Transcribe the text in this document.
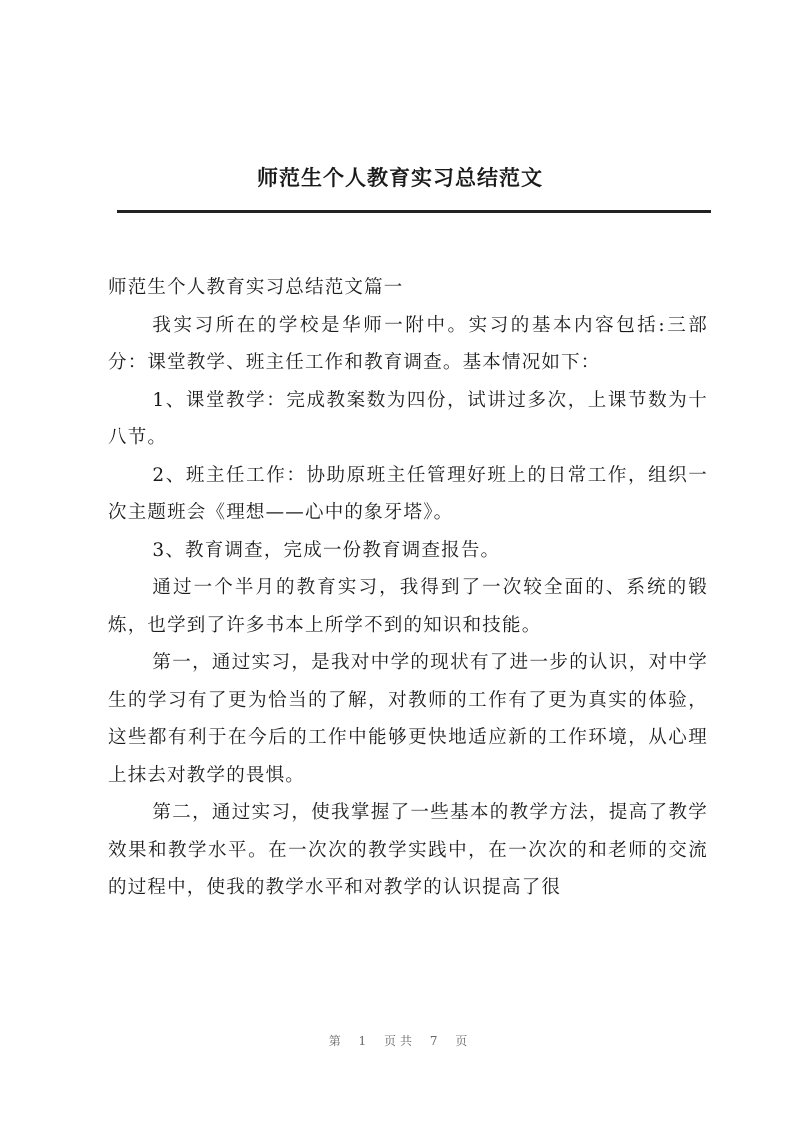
师范生个人教育实习总结范文

师范生个人教育实习总结范文篇一

我实习所在的学校是华师一附中。实习的基本内容包括:三部分：课堂教学、班主任工作和教育调查。基本情况如下：

1、课堂教学：完成教案数为四份，试讲过多次，上课节数为十八节。

2、班主任工作：协助原班主任管理好班上的日常工作，组织一次主题班会《理想——心中的象牙塔》。

3、教育调查，完成一份教育调查报告。

通过一个半月的教育实习，我得到了一次较全面的、系统的锻炼，也学到了许多书本上所学不到的知识和技能。

第一，通过实习，是我对中学的现状有了进一步的认识，对中学生的学习有了更为恰当的了解，对教师的工作有了更为真实的体验，这些都有利于在今后的工作中能够更快地适应新的工作环境，从心理上抹去对教学的畏惧。

第二，通过实习，使我掌握了一些基本的教学方法，提高了教学效果和教学水平。在一次次的教学实践中，在一次次的和老师的交流的过程中，使我的教学水平和对教学的认识提高了很

第 1 页共 7 页
